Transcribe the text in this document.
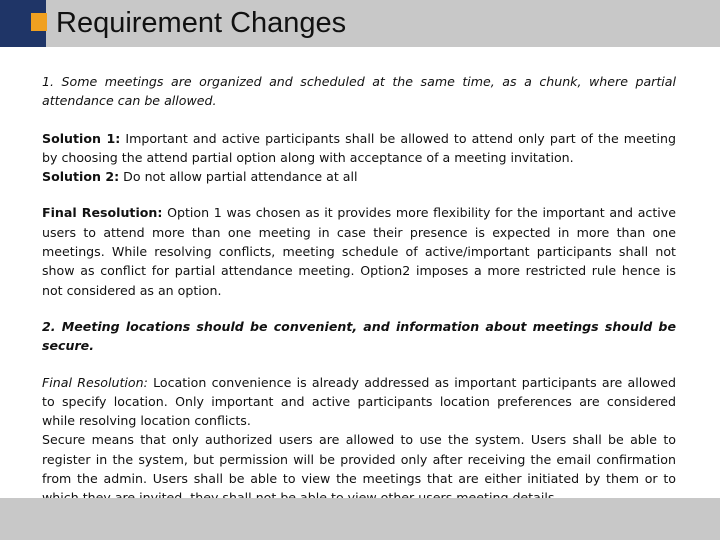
Requirement Changes

1. Some meetings are organized and scheduled at the same time, as a chunk, where partial attendance can be allowed.

Solution 1: Important and active participants shall be allowed to attend only part of the meeting by choosing the attend partial option along with acceptance of a meeting invitation.

Solution 2: Do not allow partial attendance at all

Final Resolution: Option 1 was chosen as it provides more flexibility for the important and active users to attend more than one meeting in case their presence is expected in more than one meetings. While resolving conflicts, meeting schedule of active/important participants shall not show as conflict for partial attendance meeting. Option2 imposes a more restricted rule hence is not considered as an option.

2. Meeting locations should be convenient, and information about meetings should be secure.

Final Resolution: Location convenience is already addressed as important participants are allowed to specify location. Only important and active participants location preferences are considered while resolving location conflicts.

Secure means that only authorized users are allowed to use the system. Users shall be able to register in the system, but permission will be provided only after receiving the email confirmation from the admin. Users shall be able to view the meetings that are either initiated by them or to
